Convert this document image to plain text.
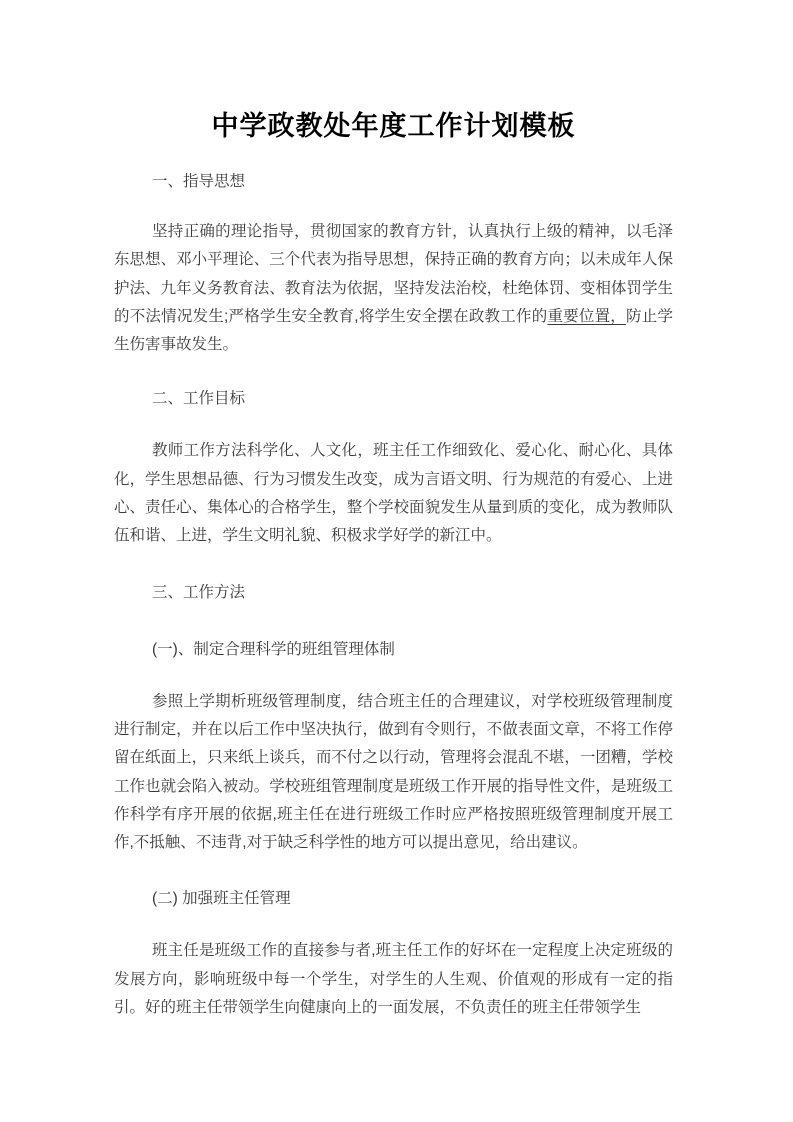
中学政教处年度工作计划模板

一、指导思想

坚持正确的理论指导，贯彻国家的教育方针，认真执行上级的精神，以毛泽东思想、邓小平理论、三个代表为指导思想，保持正确的教育方向；以未成年人保护法、九年义务教育法、教育法为依据，坚持发法治校，杜绝体罚、变相体罚学生的不法情况发生;严格学生安全教育,将学生安全摆在政教工作的重要位置，防止学生伤害事故发生。

二、工作目标

教师工作方法科学化、人文化，班主任工作细致化、爱心化、耐心化、具体化，学生思想品德、行为习惯发生改变，成为言语文明、行为规范的有爱心、上进心、责任心、集体心的合格学生，整个学校面貌发生从量到质的变化，成为教师队伍和谐、上进，学生文明礼貌、积极求学好学的新江中。

三、工作方法

(一)、制定合理科学的班组管理体制

参照上学期析班级管理制度，结合班主任的合理建议，对学校班级管理制度进行制定，并在以后工作中坚决执行，做到有令则行，不做表面文章，不将工作停留在纸面上，只来纸上谈兵，而不付之以行动，管理将会混乱不堪，一团糟，学校工作也就会陷入被动。学校班组管理制度是班级工作开展的指导性文件，是班级工作科学有序开展的依据,班主任在进行班级工作时应严格按照班级管理制度开展工作,不抵触、不违背,对于缺乏科学性的地方可以提出意见，给出建议。

(二) 加强班主任管理

班主任是班级工作的直接参与者,班主任工作的好坏在一定程度上决定班级的发展方向，影响班级中每一个学生，对学生的人生观、价值观的形成有一定的指引。好的班主任带领学生向健康向上的一面发展，不负责任的班主任带领学生
